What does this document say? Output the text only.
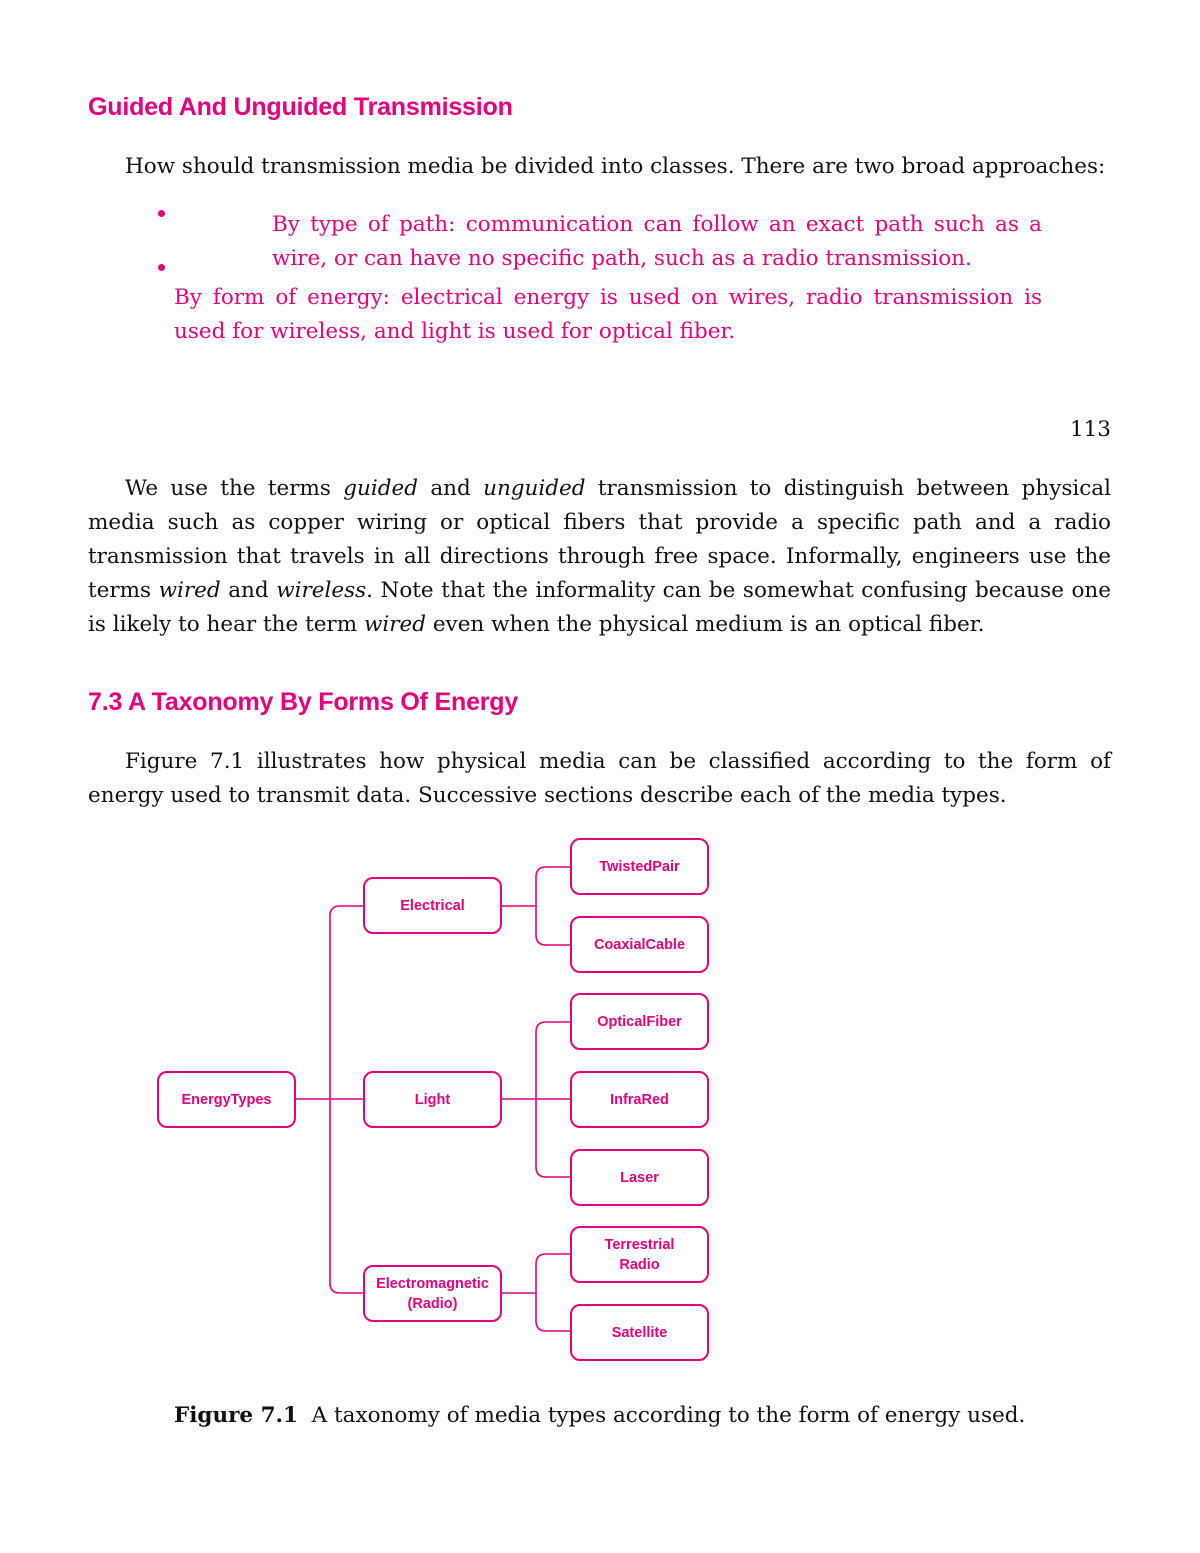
Guided And Unguided Transmission
How should transmission media be divided into classes. There are two broad approaches:
By type of path: communication can follow an exact path such as a
wire, or can have no specific path, such as a radio transmission.
By form of energy: electrical energy is used on wires, radio transmission is
used for wireless, and light is used for optical fiber.
113
We use the terms guided and unguided transmission to distinguish between physical
media such as copper wiring or optical fibers that provide a specific path and a radio
transmission that travels in all directions through free space. Informally, engineers use the
terms wired and wireless. Note that the informality can be somewhat confusing because one
is likely to hear the term wired even when the physical medium is an optical fiber.
7.3 A Taxonomy By Forms Of Energy
Figure 7.1 illustrates how physical media can be classified according to the form of
energy used to transmit data. Successive sections describe each of the media types.
EnergyTypes
Electrical
Light
Electromagnetic
(Radio)
TwistedPair
CoaxialCable
OpticalFiber
InfraRed
Laser
Terrestrial
Radio
Satellite
Figure 7.1  A taxonomy of media types according to the form of energy used.
